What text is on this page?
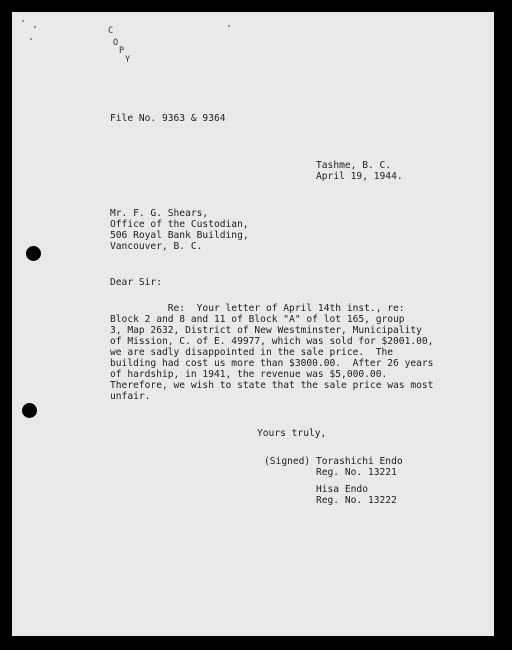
C
O
P
Y
File No. 9363 & 9364
Tashme, B. C.
April 19, 1944.
Mr. F. G. Shears,
Office of the Custodian,
506 Royal Bank Building,
Vancouver, B. C.
Dear Sir:
Re:  Your letter of April 14th inst., re:
Block 2 and 8 and 11 of Block "A" of lot 165, group
3, Map 2632, District of New Westminster, Municipality
of Mission, C. of E. 49977, which was sold for $2001.00,
we are sadly disappointed in the sale price.  The
building had cost us more than $3000.00.  After 26 years
of hardship, in 1941, the revenue was $5,000.00.
Therefore, we wish to state that the sale price was most
unfair.
Yours truly,
(Signed) Torashichi Endo
Reg. No. 13221
Hisa Endo
Reg. No. 13222
